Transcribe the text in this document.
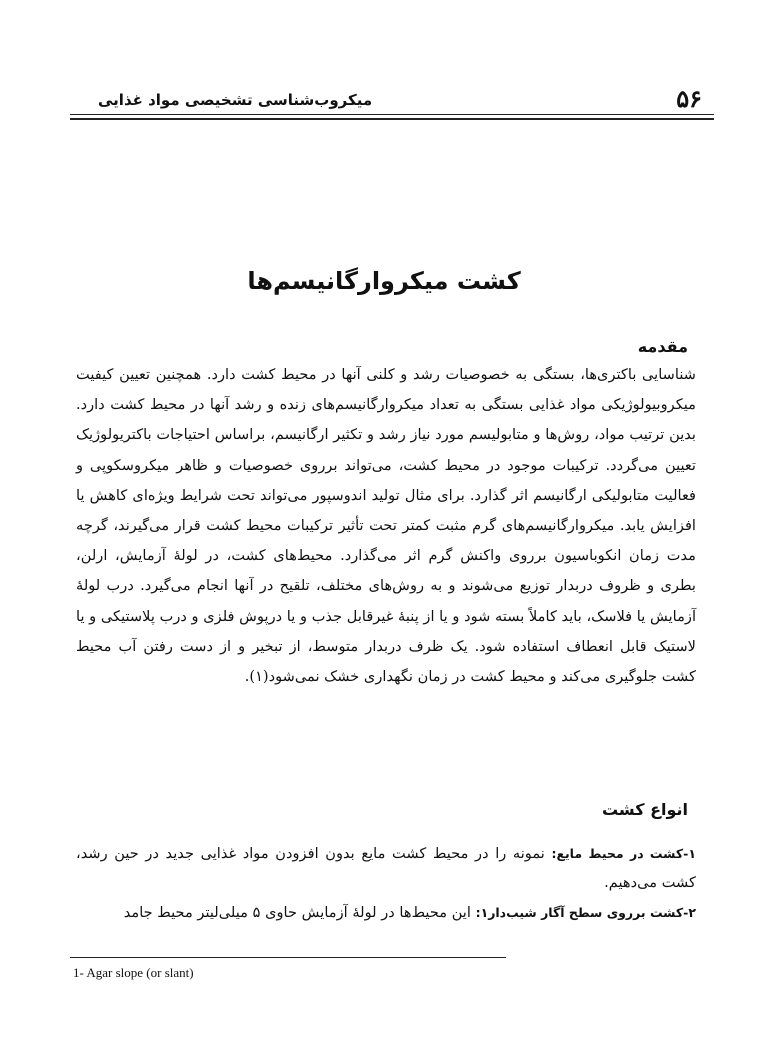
۵۶
میکروب‌شناسی تشخیصی مواد غذایی
کشت میکروارگانیسم‌ها
مقدمه

شناسایی باکتری‌ها، بستگی به خصوصیات رشد و کلنی آنها در محیط کشت دارد. همچنین تعیین کیفیت میکروبیولوژیکی مواد غذایی بستگی به تعداد میکروارگانیسم‌های زنده و رشد آنها در محیط کشت دارد. بدین ترتیب مواد، روش‌ها و متابولیسم مورد نیاز رشد و تکثیر ارگانیسم، براساس احتیاجات باکتریولوژیک تعیین می‌گردد. ترکیبات موجود در محیط کشت، می‌تواند برروی خصوصیات و ظاهر میکروسکوپی و فعالیت متابولیکی ارگانیسم اثر گذارد. برای مثال تولید اندوسپور می‌تواند تحت شرایط ویژه‌ای کاهش یا افزایش یابد. میکروارگانیسم‌های گرم مثبت کمتر تحت تأثیر ترکیبات محیط کشت قرار می‌گیرند، گرچه مدت زمان انکوباسیون برروی واکنش گرم اثر می‌گذارد. محیط‌های کشت، در لولهٔ آزمایش، ارلن، بطری و ظروف دربدار توزیع می‌شوند و به روش‌های مختلف، تلقیح در آنها انجام می‌گیرد. درب لولهٔ آزمایش یا فلاسک، باید کاملاً بسته شود و یا از پنبهٔ غیرقابل جذب و یا درپوش فلزی و درب پلاستیکی و یا لاستیک قابل انعطاف استفاده شود. یک ظرف دربدار متوسط، از تبخیر و از دست رفتن آب محیط کشت جلوگیری می‌کند و محیط کشت در زمان نگهداری خشک نمی‌شود(۱).

انواع کشت

۱-کشت در محیط مایع: نمونه را در محیط کشت مایع بدون افزودن مواد غذایی جدید در حین رشد، کشت می‌دهیم.

۲-کشت برروی سطح آگار شیب‌دار۱: این محیط‌ها در لولهٔ آزمایش حاوی ۵ میلی‌لیتر محیط جامد

1- Agar slope (or slant)
